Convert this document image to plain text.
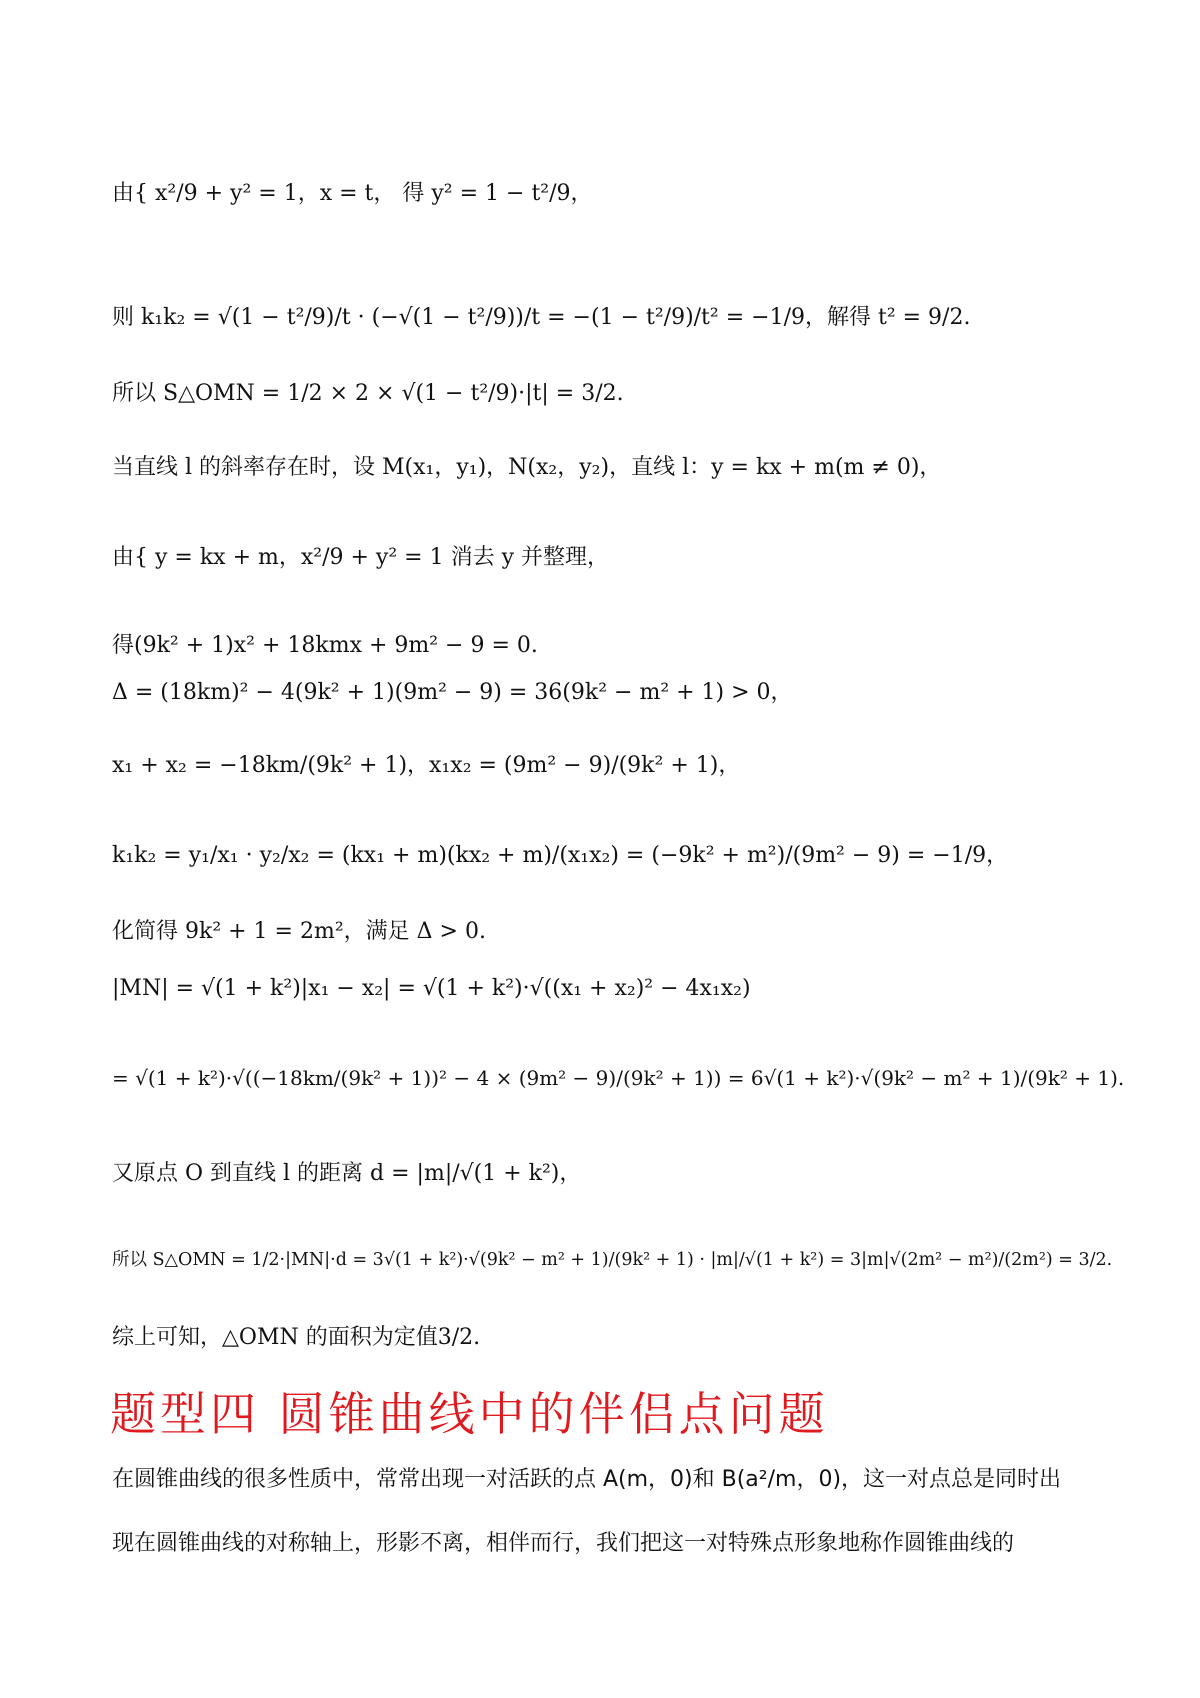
由{ x²/9 + y² = 1，x = t， 得 y² = 1 − t²/9，
则 k₁k₂ = √(1 − t²/9)/t · (−√(1 − t²/9))/t = −(1 − t²/9)/t² = −1/9，解得 t² = 9/2.
所以 S△OMN = 1/2 × 2 × √(1 − t²/9)·|t| = 3/2.
当直线 l 的斜率存在时，设 M(x₁，y₁)，N(x₂，y₂)，直线 l：y = kx + m(m ≠ 0)，
由{ y = kx + m，x²/9 + y² = 1 消去 y 并整理，
得(9k² + 1)x² + 18kmx + 9m² − 9 = 0.
Δ = (18km)² − 4(9k² + 1)(9m² − 9) = 36(9k² − m² + 1) > 0，
x₁ + x₂ = −18km/(9k² + 1)，x₁x₂ = (9m² − 9)/(9k² + 1)，
k₁k₂ = y₁/x₁ · y₂/x₂ = (kx₁ + m)(kx₂ + m)/(x₁x₂) = (−9k² + m²)/(9m² − 9) = −1/9，
化简得 9k² + 1 = 2m²，满足 Δ > 0.
|MN| = √(1 + k²)|x₁ − x₂| = √(1 + k²)·√((x₁ + x₂)² − 4x₁x₂)
= √(1 + k²)·√((−18km/(9k² + 1))² − 4 × (9m² − 9)/(9k² + 1)) = 6√(1 + k²)·√(9k² − m² + 1)/(9k² + 1).
又原点 O 到直线 l 的距离 d = |m|/√(1 + k²)，
所以 S△OMN = 1/2·|MN|·d = 3√(1 + k²)·√(9k² − m² + 1)/(9k² + 1) · |m|/√(1 + k²) = 3|m|√(2m² − m²)/(2m²) = 3/2.
综上可知，△OMN 的面积为定值3/2.
题型四 圆锥曲线中的伴侣点问题
在圆锥曲线的很多性质中，常常出现一对活跃的点 A(m，0)和 B(a²/m，0)，这一对点总是同时出
现在圆锥曲线的对称轴上，形影不离，相伴而行，我们把这一对特殊点形象地称作圆锥曲线的
